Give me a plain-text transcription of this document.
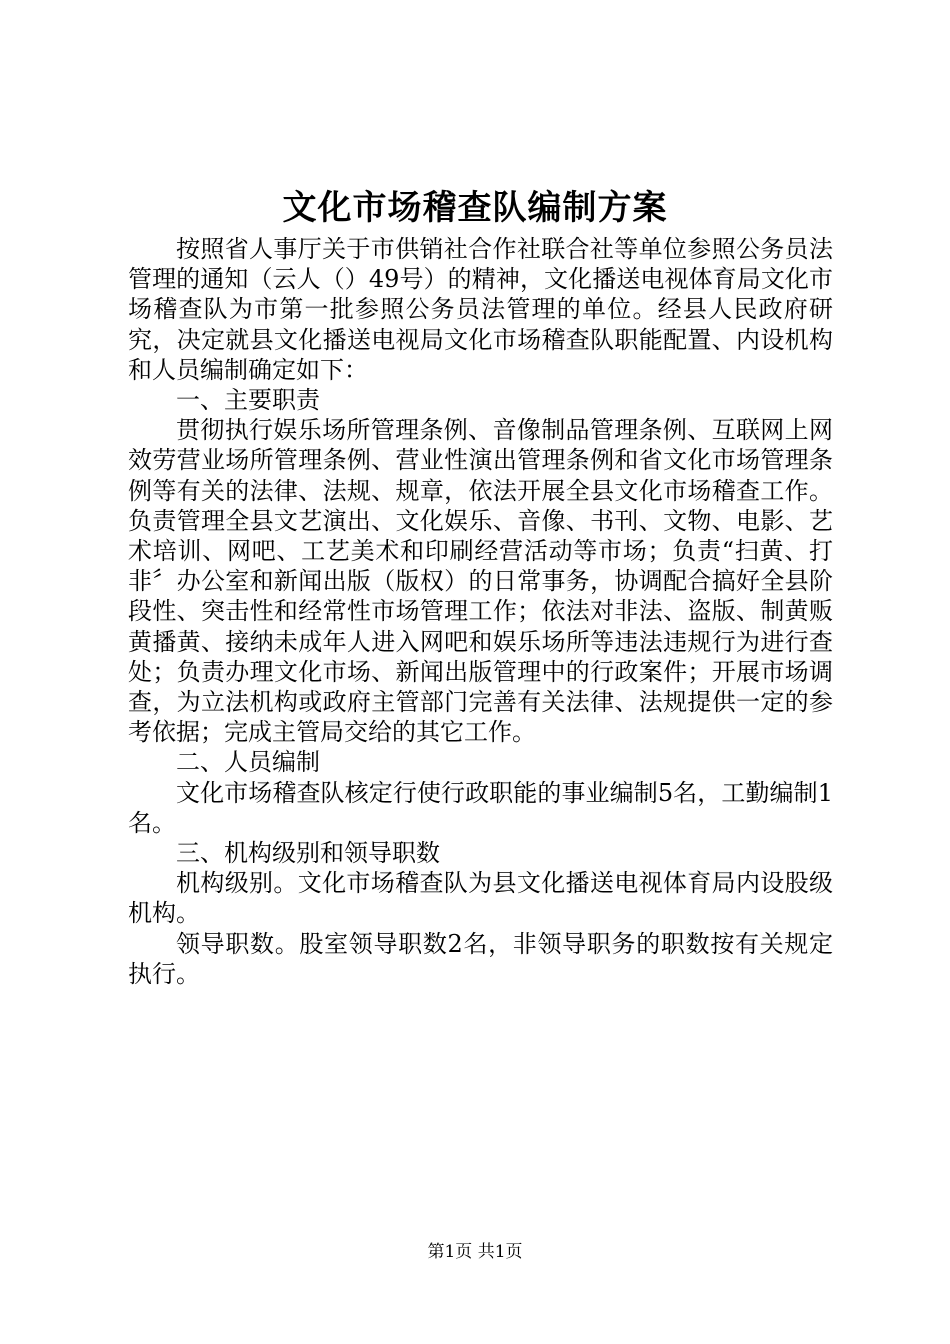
文化市场稽查队编制方案

按照省人事厅关于市供销社合作社联合社等单位参照公务员法管理的通知（云人（）49号）的精神，文化播送电视体育局文化市场稽查队为市第一批参照公务员法管理的单位。经县人民政府研究，决定就县文化播送电视局文化市场稽查队职能配置、内设机构和人员编制确定如下：

一、主要职责

贯彻执行娱乐场所管理条例、音像制品管理条例、互联网上网效劳营业场所管理条例、营业性演出管理条例和省文化市场管理条例等有关的法律、法规、规章，依法开展全县文化市场稽查工作。负责管理全县文艺演出、文化娱乐、音像、书刊、文物、电影、艺术培训、网吧、工艺美术和印刷经营活动等市场；负责“扫黄、打非〞办公室和新闻出版（版权）的日常事务，协调配合搞好全县阶段性、突击性和经常性市场管理工作；依法对非法、盗版、制黄贩黄播黄、接纳未成年人进入网吧和娱乐场所等违法违规行为进行查处；负责办理文化市场、新闻出版管理中的行政案件；开展市场调查，为立法机构或政府主管部门完善有关法律、法规提供一定的参考依据；完成主管局交给的其它工作。

二、人员编制

文化市场稽查队核定行使行政职能的事业编制5名，工勤编制1名。

三、机构级别和领导职数

机构级别。文化市场稽查队为县文化播送电视体育局内设股级机构。

领导职数。股室领导职数2名，非领导职务的职数按有关规定执行。

第1页 共1页
